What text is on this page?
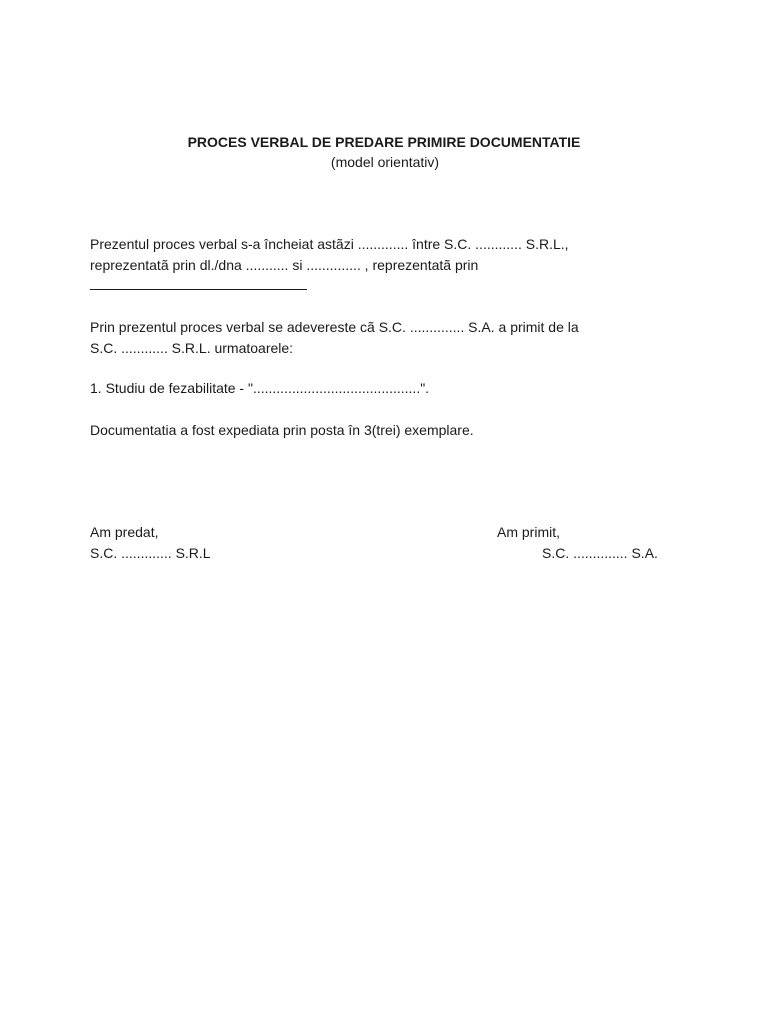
PROCES VERBAL DE PREDARE PRIMIRE DOCUMENTATIE

(model orientativ)

Prezentul proces verbal s-a încheiat astãzi ............. între S.C. ............ S.R.L.,
reprezentatã prin dl./dna ........... si .............. , reprezentatã prin
Prin prezentul proces verbal se adevereste cã S.C. .............. S.A. a primit de la
S.C. ............ S.R.L. urmatoarele:

1. Studiu de fezabilitate - "...........................................".

Documentatia a fost expediata prin posta în 3(trei) exemplare.

Am predat,
S.C. ............. S.R.L
Am primit,
S.C. .............. S.A.
